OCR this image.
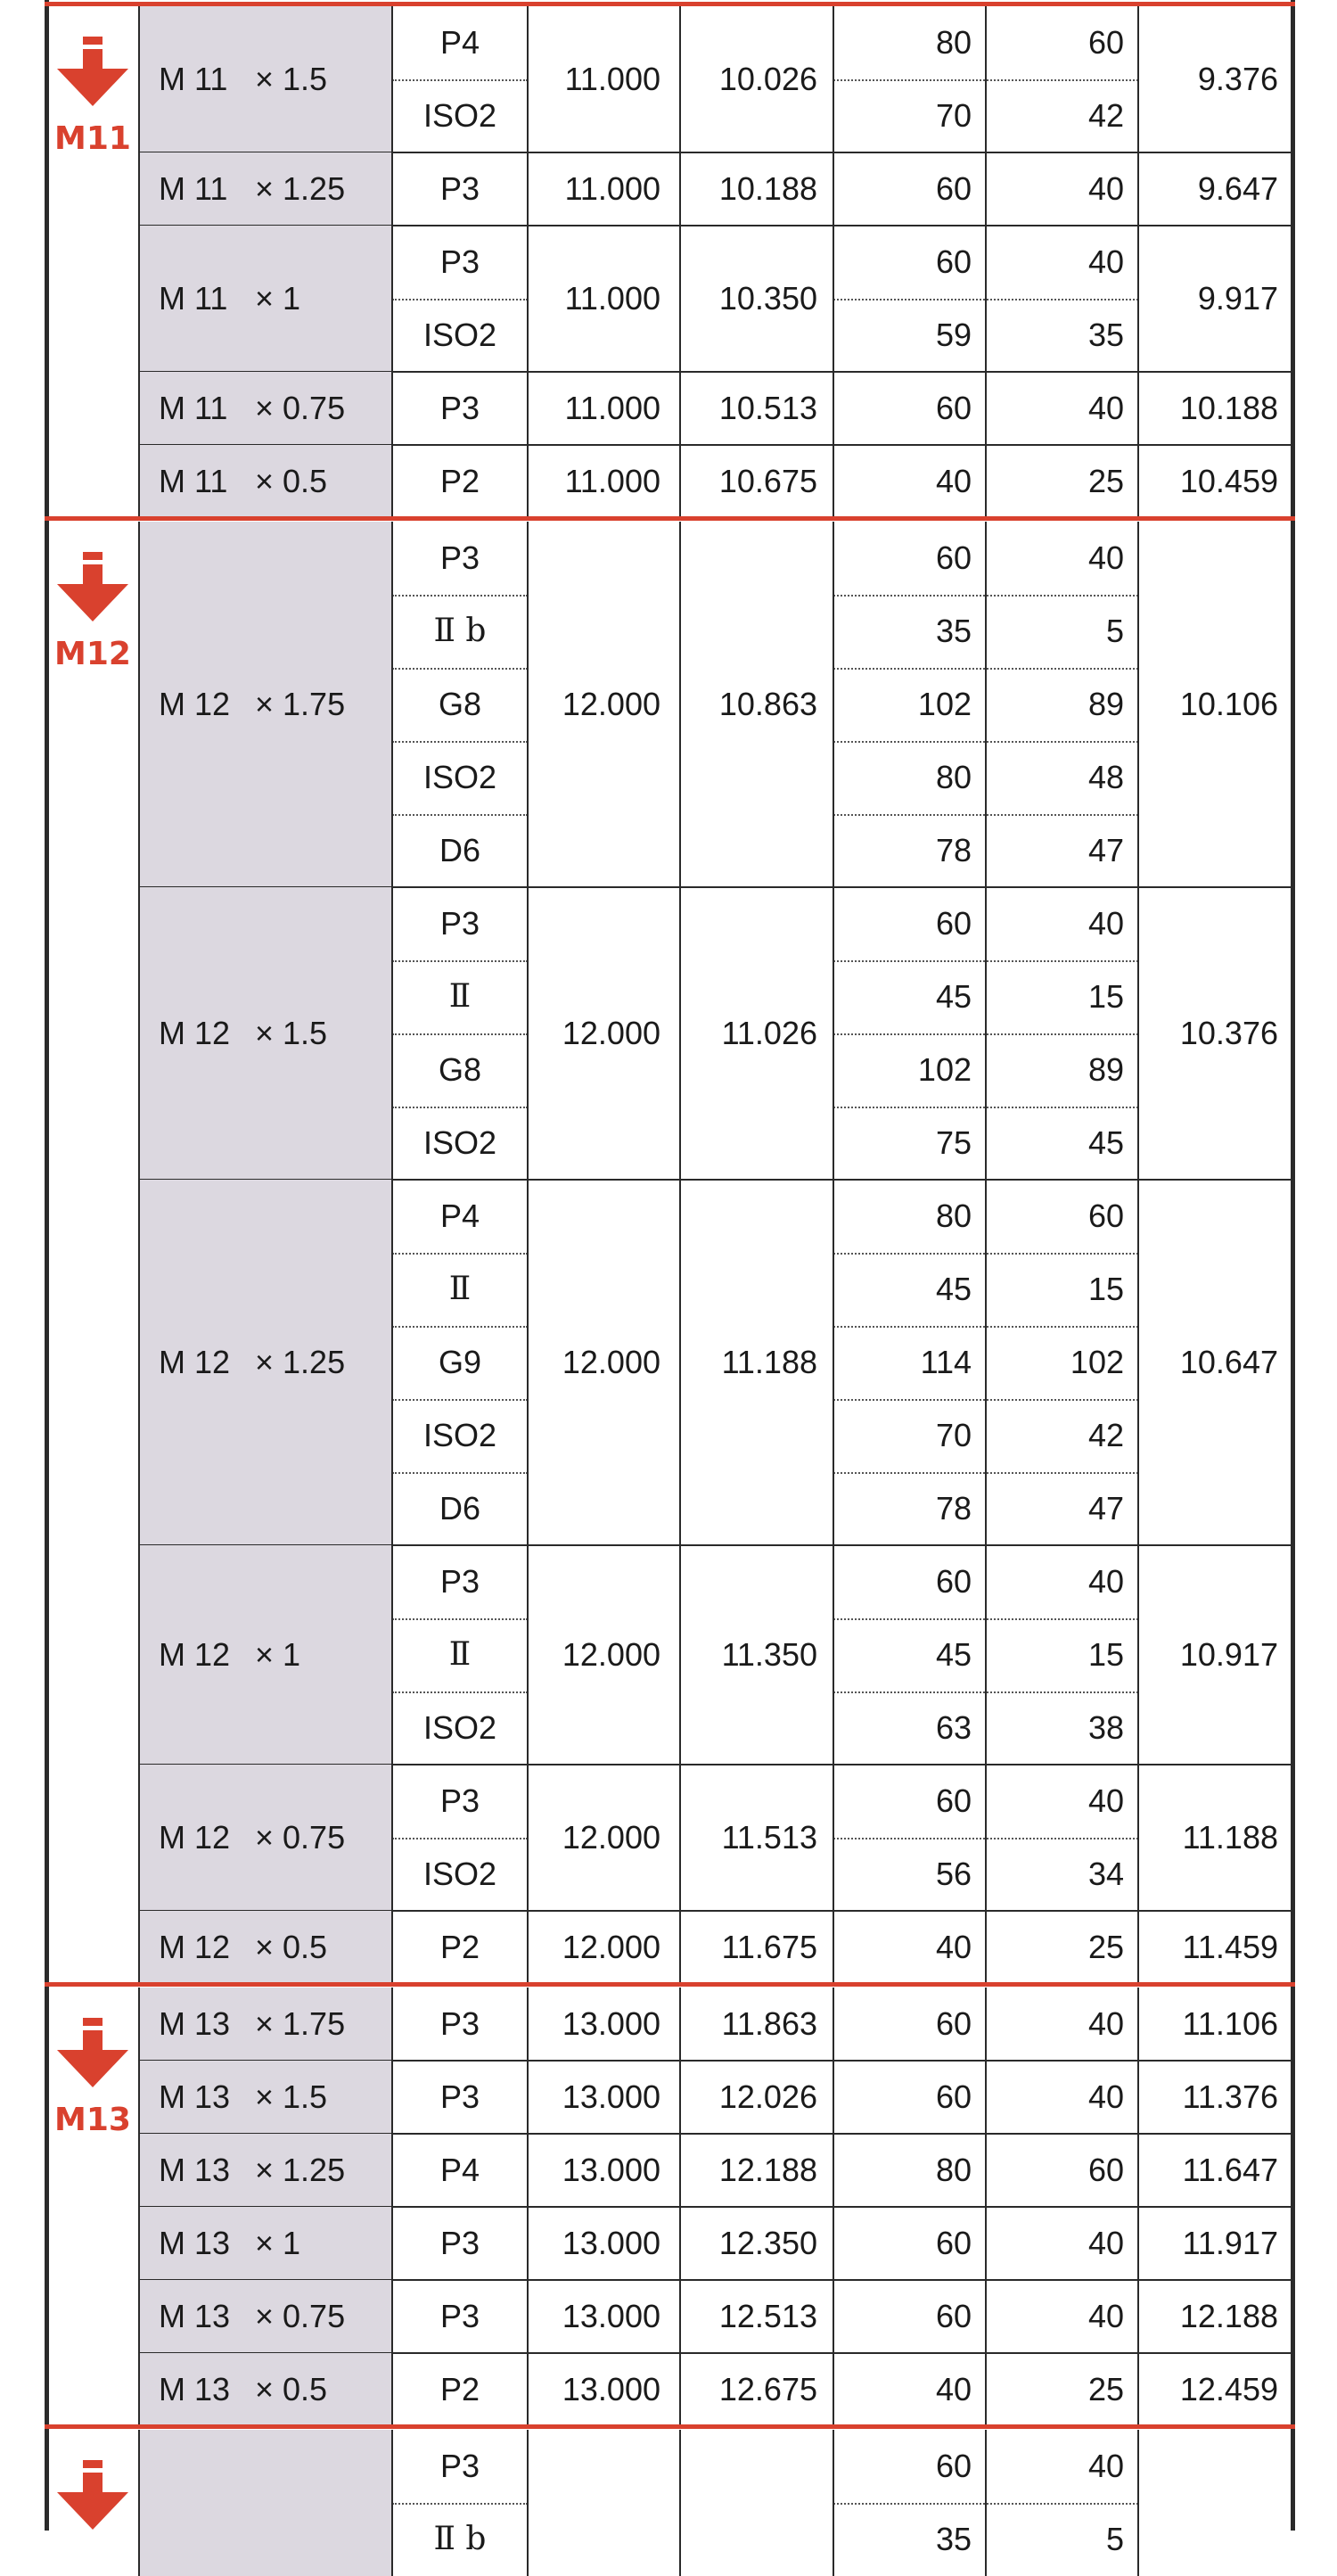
M11
M 11 × 1.5	11.000	10.026	9.376
P4	80	60
ISO2	70	42
M 11 × 1.25	11.000	10.188	9.647
P3	60	40
M 11 × 1	11.000	10.350	9.917
P3	60	40
ISO2	59	35
M 11 × 0.75	11.000	10.513	10.188
P3	60	40
M 11 × 0.5	11.000	10.675	10.459
P2	40	25
M12
M 12 × 1.75	12.000	10.863	10.106
P3	60	40
Ⅱ b	35	5
G8	102	89
ISO2	80	48
D6	78	47
M 12 × 1.5	12.000	11.026	10.376
P3	60	40
Ⅱ	45	15
G8	102	89
ISO2	75	45
M 12 × 1.25	12.000	11.188	10.647
P4	80	60
Ⅱ	45	15
G9	114	102
ISO2	70	42
D6	78	47
M 12 × 1	12.000	11.350	10.917
P3	60	40
Ⅱ	45	15
ISO2	63	38
M 12 × 0.75	12.000	11.513	11.188
P3	60	40
ISO2	56	34
M 12 × 0.5	12.000	11.675	11.459
P2	40	25
M13
M 13 × 1.75	13.000	11.863	11.106
P3	60	40
M 13 × 1.5	13.000	12.026	11.376
P3	60	40
M 13 × 1.25	13.000	12.188	11.647
P4	80	60
M 13 × 1	13.000	12.350	11.917
P3	60	40
M 13 × 0.75	13.000	12.513	12.188
P3	60	40
M 13 × 0.5	13.000	12.675	12.459
P2	40	25
P3	60	40
Ⅱ b	35	5
